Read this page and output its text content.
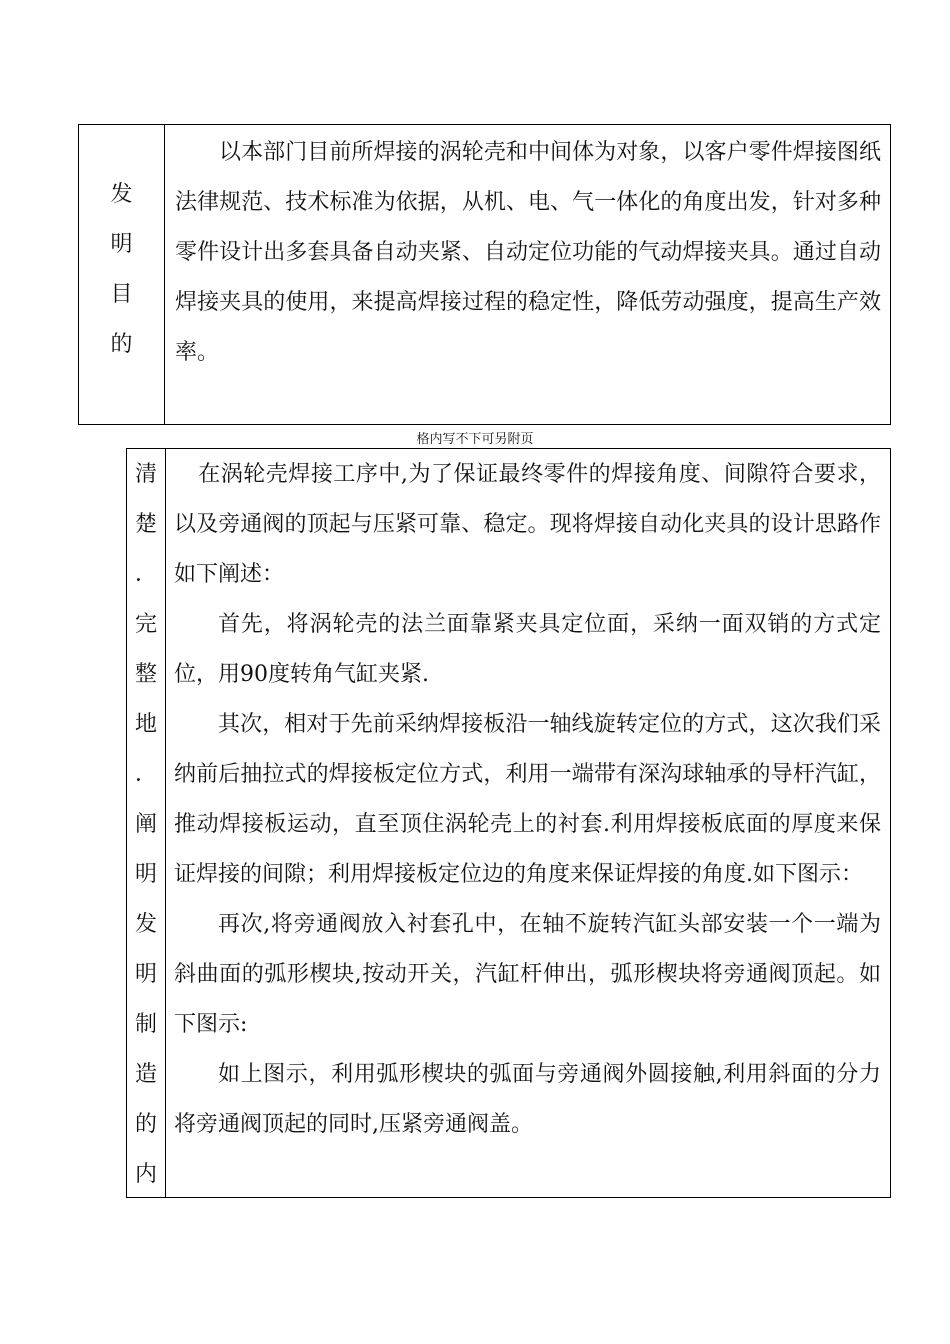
发
明
目
的

以本部门目前所焊接的涡轮壳和中间体为对象，以客户零件焊接图纸法律规范、技术标准为依据，从机、电、气一体化的角度出发，针对多种零件设计出多套具备自动夹紧、自动定位功能的气动焊接夹具。通过自动焊接夹具的使用，来提高焊接过程的稳定性，降低劳动强度，提高生产效率。

格内写不下可另附页
清
楚
．
完
整
地
．
阐
明
发
明
制
造
的
内

在涡轮壳焊接工序中,为了保证最终零件的焊接角度、间隙符合要求，以及旁通阀的顶起与压紧可靠、稳定。现将焊接自动化夹具的设计思路作如下阐述：

首先，将涡轮壳的法兰面靠紧夹具定位面，采纳一面双销的方式定位，用90度转角气缸夹紧.

其次，相对于先前采纳焊接板沿一轴线旋转定位的方式，这次我们采纳前后抽拉式的焊接板定位方式，利用一端带有深沟球轴承的导杆汽缸，推动焊接板运动，直至顶住涡轮壳上的衬套.利用焊接板底面的厚度来保证焊接的间隙；利用焊接板定位边的角度来保证焊接的角度.如下图示：

再次,将旁通阀放入衬套孔中，在轴不旋转汽缸头部安装一个一端为斜曲面的弧形楔块,按动开关，汽缸杆伸出，弧形楔块将旁通阀顶起。如下图示:

如上图示，利用弧形楔块的弧面与旁通阀外圆接触,利用斜面的分力将旁通阀顶起的同时,压紧旁通阀盖。
